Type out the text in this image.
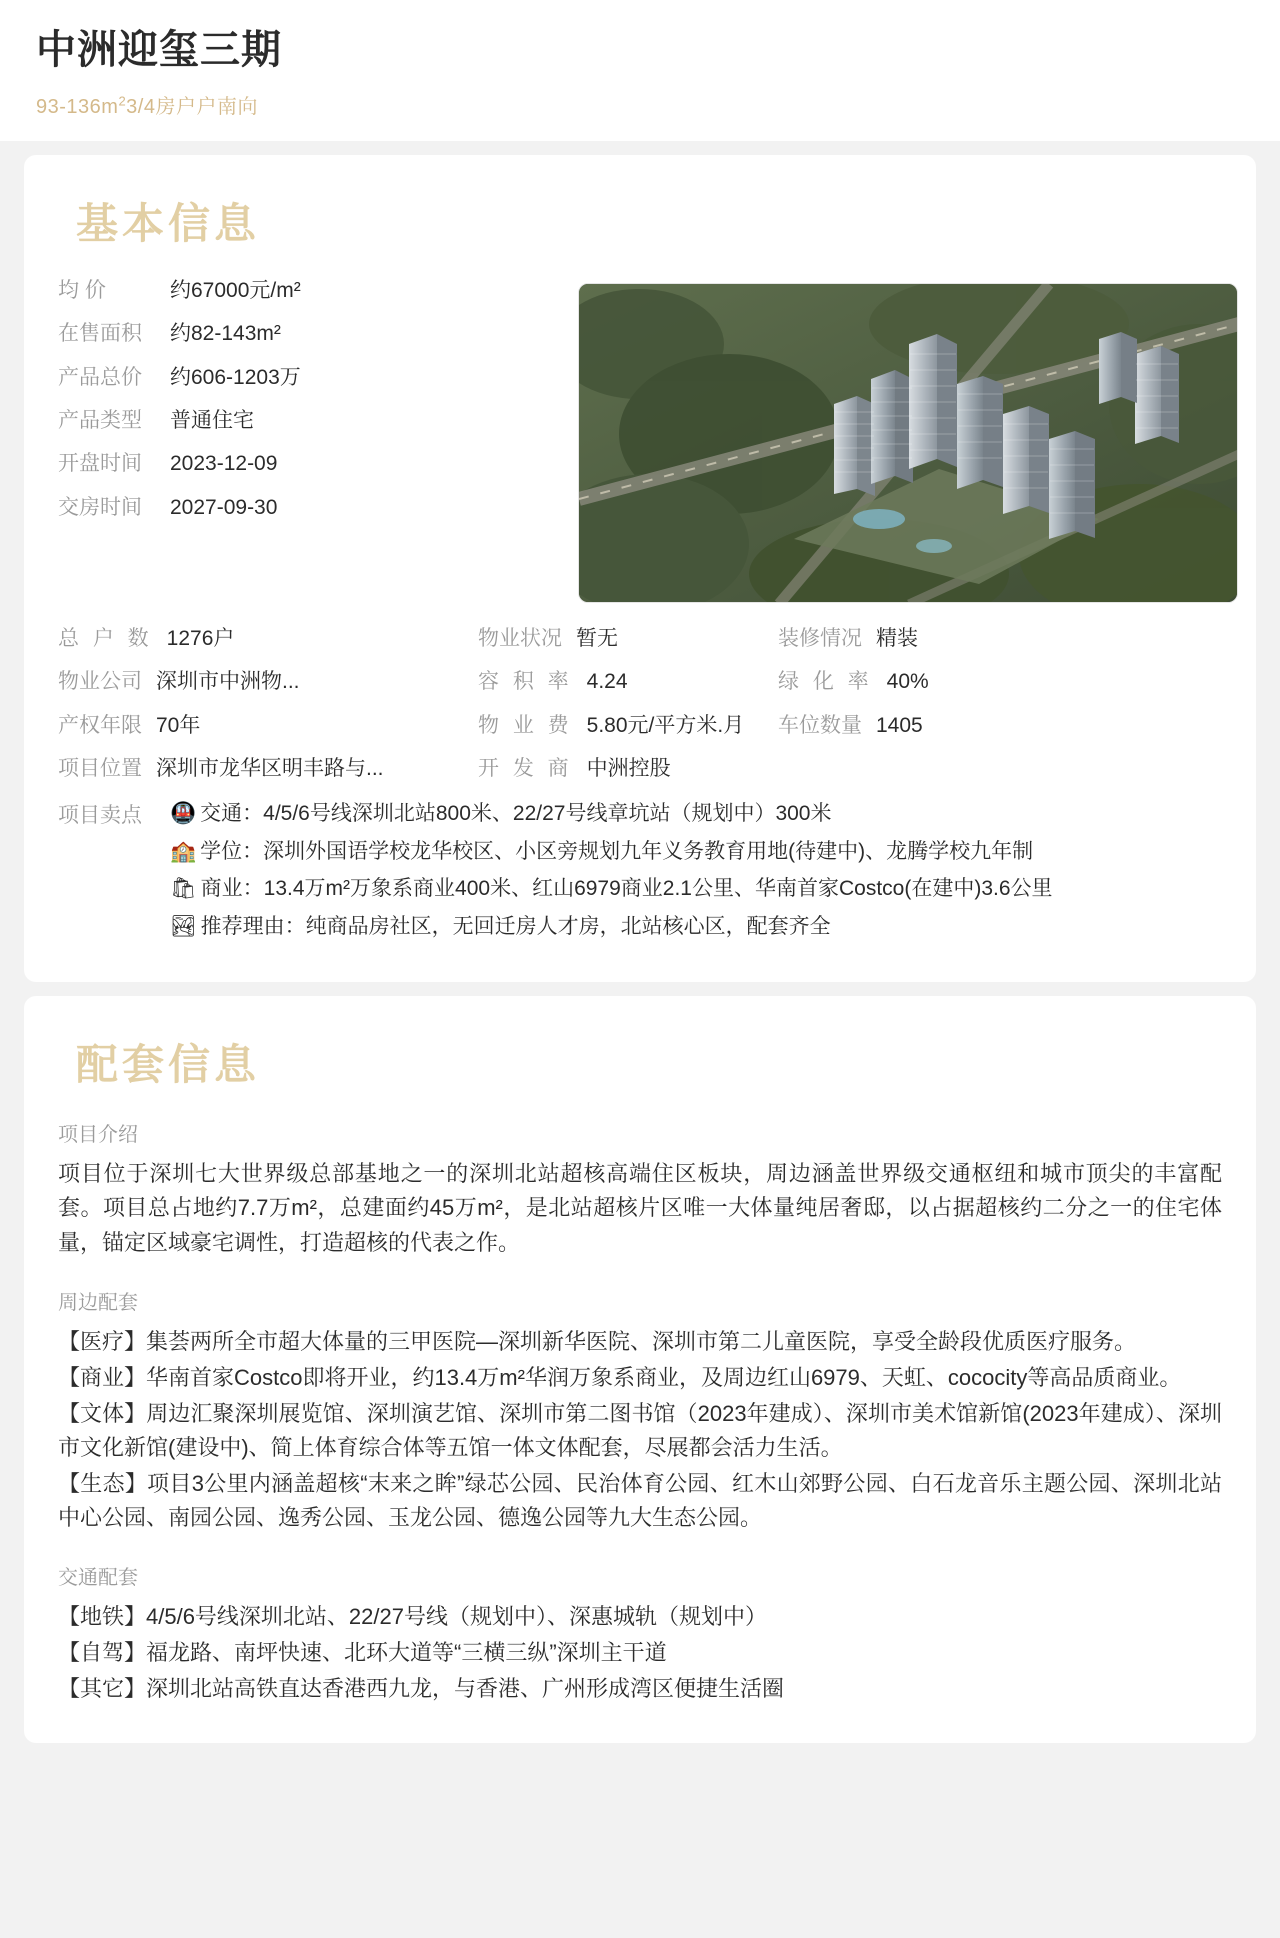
中洲迎玺三期
$93-136m^23/4$房户户南向
基本信息
均 价	约67000元/m²
在售面积	约82-143m²
产品总价	约606-1203万
产品类型	普通住宅
开盘时间	2023-12-09
交房时间	2027-09-30
总 户 数 1276户	物业状况 暂无	装修情况 精装
物业公司 深圳市中洲物...	容 积 率 4.24	绿 化 率 40%
产权年限 70年	物 业 费 5.80元/平方米.月	车位数量 1405
项目位置 深圳市龙华区明丰路与...	开 发 商 中洲控股
项目卖点	🚇 交通：4/5/6号线深圳北站800米、22/27号线章坑站（规划中）300米
🏫 学位：深圳外国语学校龙华校区、小区旁规划九年义务教育用地(待建中)、龙腾学校九年制
🛍 商业：13.4万m²万象系商业400米、红山6979商业2.1公里、华南首家Costco(在建中)3.6公里
🏞 推荐理由：纯商品房社区，无回迁房人才房，北站核心区，配套齐全
配套信息
项目介绍
项目位于深圳七大世界级总部基地之一的深圳北站超核高端住区板块，周边涵盖世界级交通枢纽和城市顶尖的丰富配套。项目总占地约7.7万m²，总建面约45万m²，是北站超核片区唯一大体量纯居奢邸，以占据超核约二分之一的住宅体量，锚定区域豪宅调性，打造超核的代表之作。
周边配套

【医疗】集荟两所全市超大体量的三甲医院—深圳新华医院、深圳市第二儿童医院，享受全龄段优质医疗服务。

【商业】华南首家Costco即将开业，约13.4万m²华润万象系商业，及周边红山6979、天虹、cococity等高品质商业。

【文体】周边汇聚深圳展览馆、深圳演艺馆、深圳市第二图书馆（2023年建成）、深圳市美术馆新馆(2023年建成）、深圳市文化新馆(建设中)、简上体育综合体等五馆一体文体配套，尽展都会活力生活。

【生态】项目3公里内涵盖超核“末来之眸”绿芯公园、民治体育公园、红木山郊野公园、白石龙音乐主题公园、深圳北站中心公园、南园公园、逸秀公园、玉龙公园、德逸公园等九大生态公园。

交通配套

【地铁】4/5/6号线深圳北站、22/27号线（规划中）、深惠城轨（规划中）

【自驾】福龙路、南坪快速、北环大道等“三横三纵”深圳主干道

【其它】深圳北站高铁直达香港西九龙，与香港、广州形成湾区便捷生活圈
